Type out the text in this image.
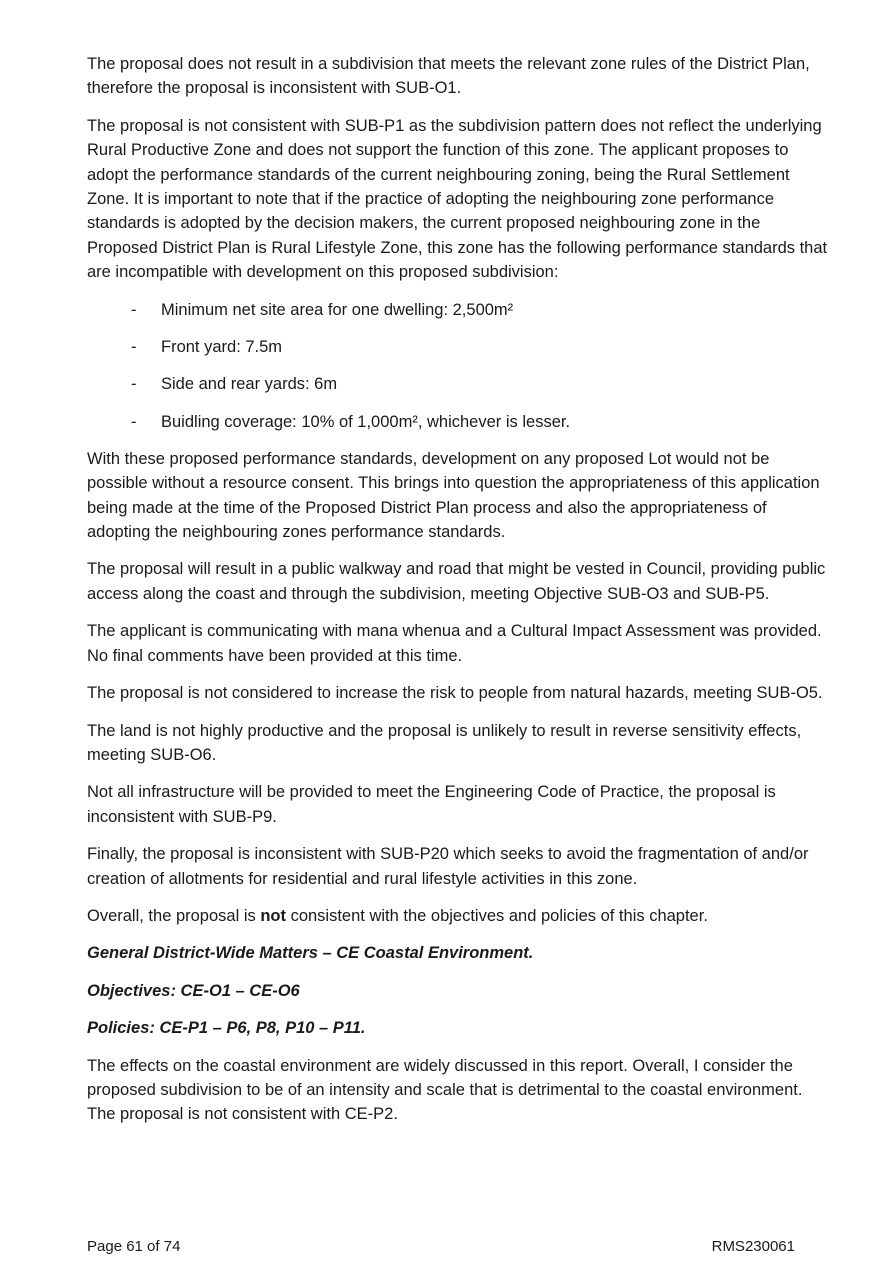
The proposal does not result in a subdivision that meets the relevant zone rules of the District Plan, therefore the proposal is inconsistent with SUB-O1.

The proposal is not consistent with SUB-P1 as the subdivision pattern does not reflect the underlying Rural Productive Zone and does not support the function of this zone. The applicant proposes to adopt the performance standards of the current neighbouring zoning, being the Rural Settlement Zone. It is important to note that if the practice of adopting the neighbouring zone performance standards is adopted by the decision makers, the current proposed neighbouring zone in the Proposed District Plan is Rural Lifestyle Zone, this zone has the following performance standards that are incompatible with development on this proposed subdivision:

- Minimum net site area for one dwelling: 2,500m²
- Front yard: 7.5m
- Side and rear yards: 6m
- Buidling coverage: 10% of 1,000m², whichever is lesser.

With these proposed performance standards, development on any proposed Lot would not be possible without a resource consent. This brings into question the appropriateness of this application being made at the time of the Proposed District Plan process and also the appropriateness of adopting the neighbouring zones performance standards.

The proposal will result in a public walkway and road that might be vested in Council, providing public access along the coast and through the subdivision, meeting Objective SUB-O3 and SUB-P5.

The applicant is communicating with mana whenua and a Cultural Impact Assessment was provided. No final comments have been provided at this time.

The proposal is not considered to increase the risk to people from natural hazards, meeting SUB-O5.

The land is not highly productive and the proposal is unlikely to result in reverse sensitivity effects, meeting SUB-O6.

Not all infrastructure will be provided to meet the Engineering Code of Practice, the proposal is inconsistent with SUB-P9.

Finally, the proposal is inconsistent with SUB-P20 which seeks to avoid the fragmentation of and/or creation of allotments for residential and rural lifestyle activities in this zone.

Overall, the proposal is not consistent with the objectives and policies of this chapter.

General District-Wide Matters – CE Coastal Environment.

Objectives: CE-O1 – CE-O6

Policies: CE-P1 – P6, P8, P10 – P11.

The effects on the coastal environment are widely discussed in this report. Overall, I consider the proposed subdivision to be of an intensity and scale that is detrimental to the coastal environment. The proposal is not consistent with CE-P2.

Page 61 of 74	RMS230061
